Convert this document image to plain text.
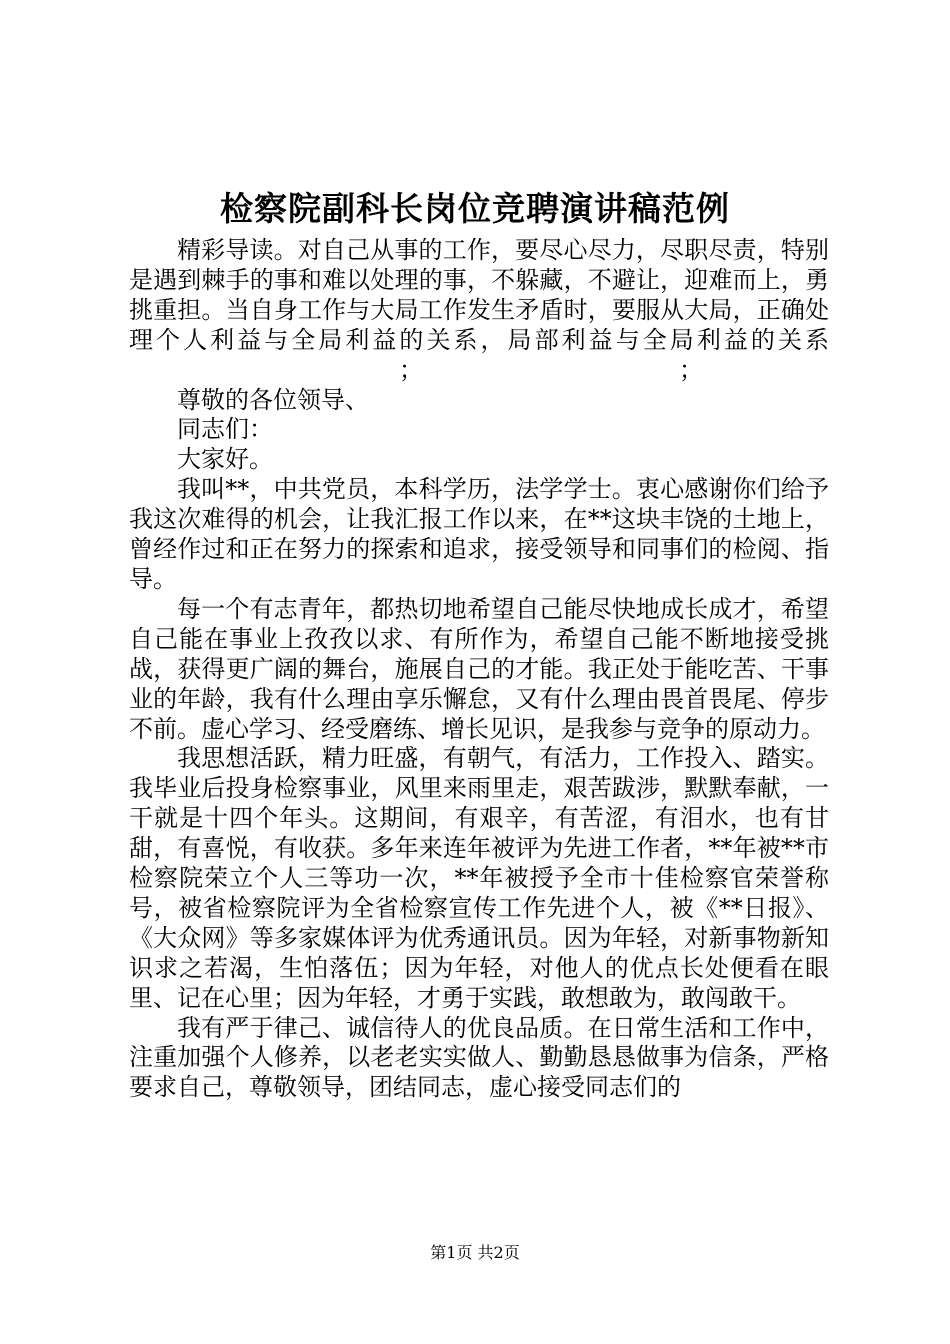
检察院副科长岗位竞聘演讲稿范例

精彩导读。对自己从事的工作，要尽心尽力，尽职尽责，特别是遇到棘手的事和难以处理的事，不躲藏，不避让，迎难而上，勇挑重担。当自身工作与大局工作发生矛盾时，要服从大局，正确处理个人利益与全局利益的关系，局部利益与全局利益的关系；	；

尊敬的各位领导、

同志们：

大家好。

我叫**，中共党员，本科学历，法学学士。衷心感谢你们给予我这次难得的机会，让我汇报工作以来，在**这块丰饶的土地上，曾经作过和正在努力的探索和追求，接受领导和同事们的检阅、指导。

每一个有志青年，都热切地希望自己能尽快地成长成才，希望自己能在事业上孜孜以求、有所作为，希望自己能不断地接受挑战，获得更广阔的舞台，施展自己的才能。我正处于能吃苦、干事业的年龄，我有什么理由享乐懈怠，又有什么理由畏首畏尾、停步不前。虚心学习、经受磨练、增长见识，是我参与竞争的原动力。

我思想活跃，精力旺盛，有朝气，有活力，工作投入、踏实。我毕业后投身检察事业，风里来雨里走，艰苦跋涉，默默奉献，一干就是十四个年头。这期间，有艰辛，有苦涩，有泪水，也有甘甜，有喜悦，有收获。多年来连年被评为先进工作者，**年被**市检察院荣立个人三等功一次，**年被授予全市十佳检察官荣誉称号，被省检察院评为全省检察宣传工作先进个人，被《**日报》、《大众网》等多家媒体评为优秀通讯员。因为年轻，对新事物新知识求之若渴，生怕落伍；因为年轻，对他人的优点长处便看在眼里、记在心里；因为年轻，才勇于实践，敢想敢为，敢闯敢干。

我有严于律己、诚信待人的优良品质。在日常生活和工作中，注重加强个人修养，以老老实实做人、勤勤恳恳做事为信条，严格要求自己，尊敬领导，团结同志，虚心接受同志们的

第1页 共2页
